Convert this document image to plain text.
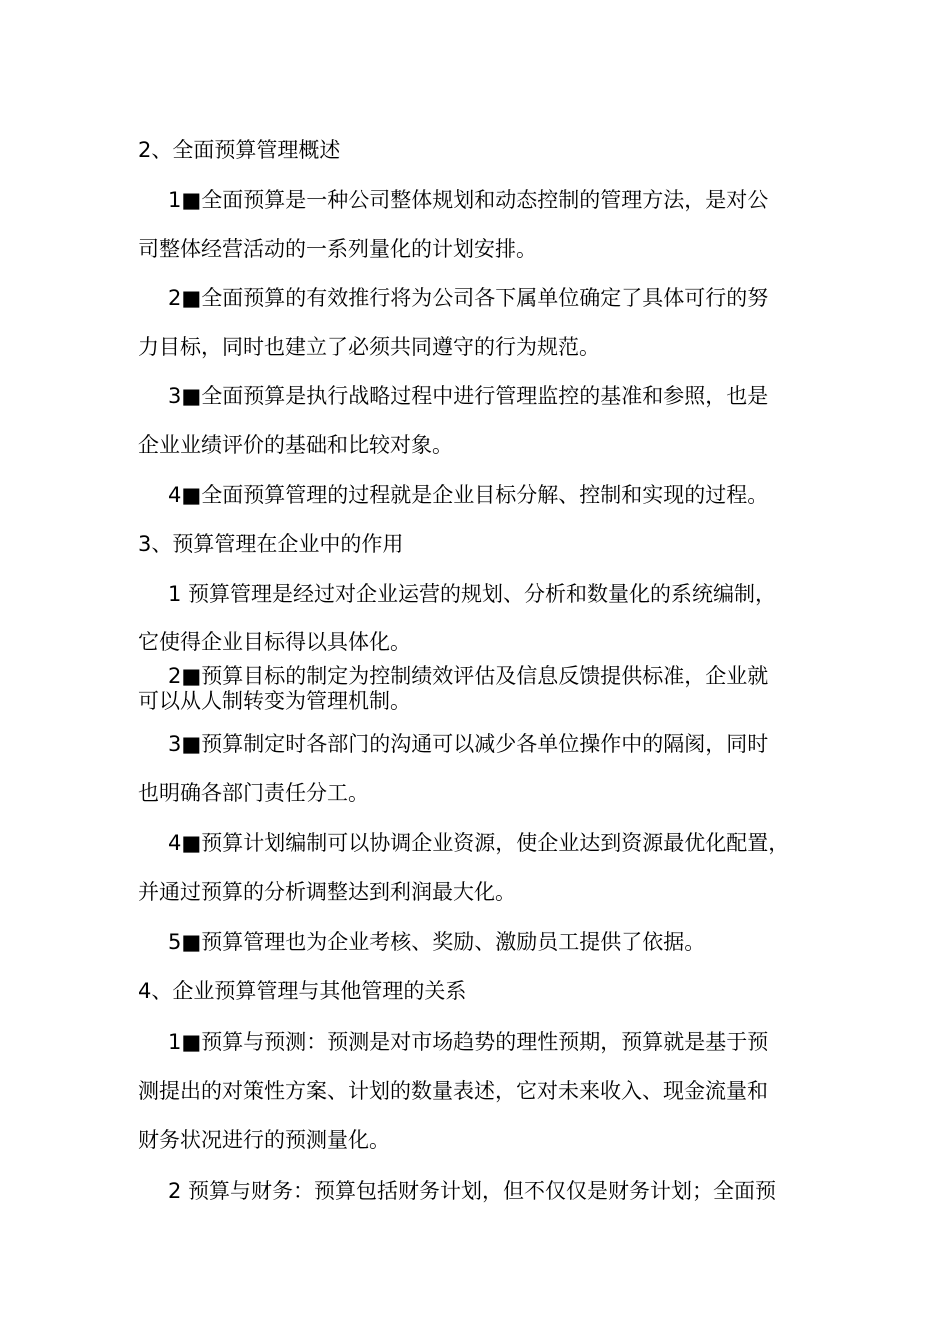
2、全面预算管理概述
1■全面预算是一种公司整体规划和动态控制的管理方法，是对公
司整体经营活动的一系列量化的计划安排。
2■全面预算的有效推行将为公司各下属单位确定了具体可行的努
力目标，同时也建立了必须共同遵守的行为规范。
3■全面预算是执行战略过程中进行管理监控的基准和参照，也是
企业业绩评价的基础和比较对象。
4■全面预算管理的过程就是企业目标分解、控制和实现的过程。
3、预算管理在企业中的作用
1 预算管理是经过对企业运营的规划、分析和数量化的系统编制，
它使得企业目标得以具体化。
2■预算目标的制定为控制绩效评估及信息反馈提供标准，企业就
可以从人制转变为管理机制。
3■预算制定时各部门的沟通可以减少各单位操作中的隔阂，同时
也明确各部门责任分工。
4■预算计划编制可以协调企业资源，使企业达到资源最优化配置，
并通过预算的分析调整达到利润最大化。
5■预算管理也为企业考核、奖励、激励员工提供了依据。
4、企业预算管理与其他管理的关系
1■预算与预测：预测是对市场趋势的理性预期，预算就是基于预
测提出的对策性方案、计划的数量表述，它对未来收入、现金流量和
财务状况进行的预测量化。
2 预算与财务：预算包括财务计划，但不仅仅是财务计划；全面预
